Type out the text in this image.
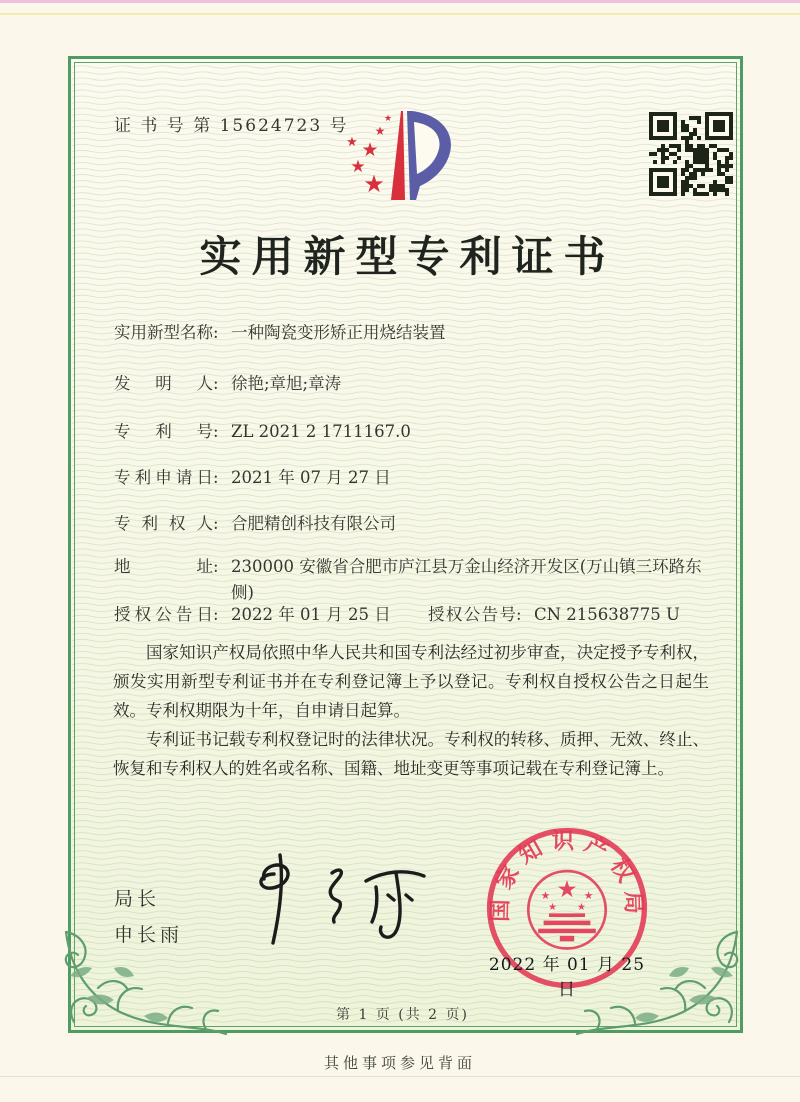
证 书 号 第 15624723 号
★
★
★
★
★
★
实用新型专利证书
实用新型名称 : 一种陶瓷变形矫正用烧结装置
发明人 : 徐艳;章旭;章涛
专利号 : ZL 2021 2 1711167.0
专利申请日 : 2021 年 07 月 27 日
专利权人 : 合肥精创科技有限公司
地址 : 230000 安徽省合肥市庐江县万金山经济开发区(万山镇三环路东侧)
授权公告日 : 2022 年 01 月 25 日	授权公告号 : CN 215638775 U

国家知识产权局依照中华人民共和国专利法经过初步审查，决定授予专利权，颁发实用新型专利证书并在专利登记簿上予以登记。专利权自授权公告之日起生效。专利权期限为十年，自申请日起算。

专利证书记载专利权登记时的法律状况。专利权的转移、质押、无效、终止、恢复和专利权人的姓名或名称、国籍、地址变更等事项记载在专利登记簿上。

局长
申长雨
国家知识产权局
★
★	★
★ ★
2022 年 01 月 25 日
第 1 页 (共 2 页)
其他事项参见背面
